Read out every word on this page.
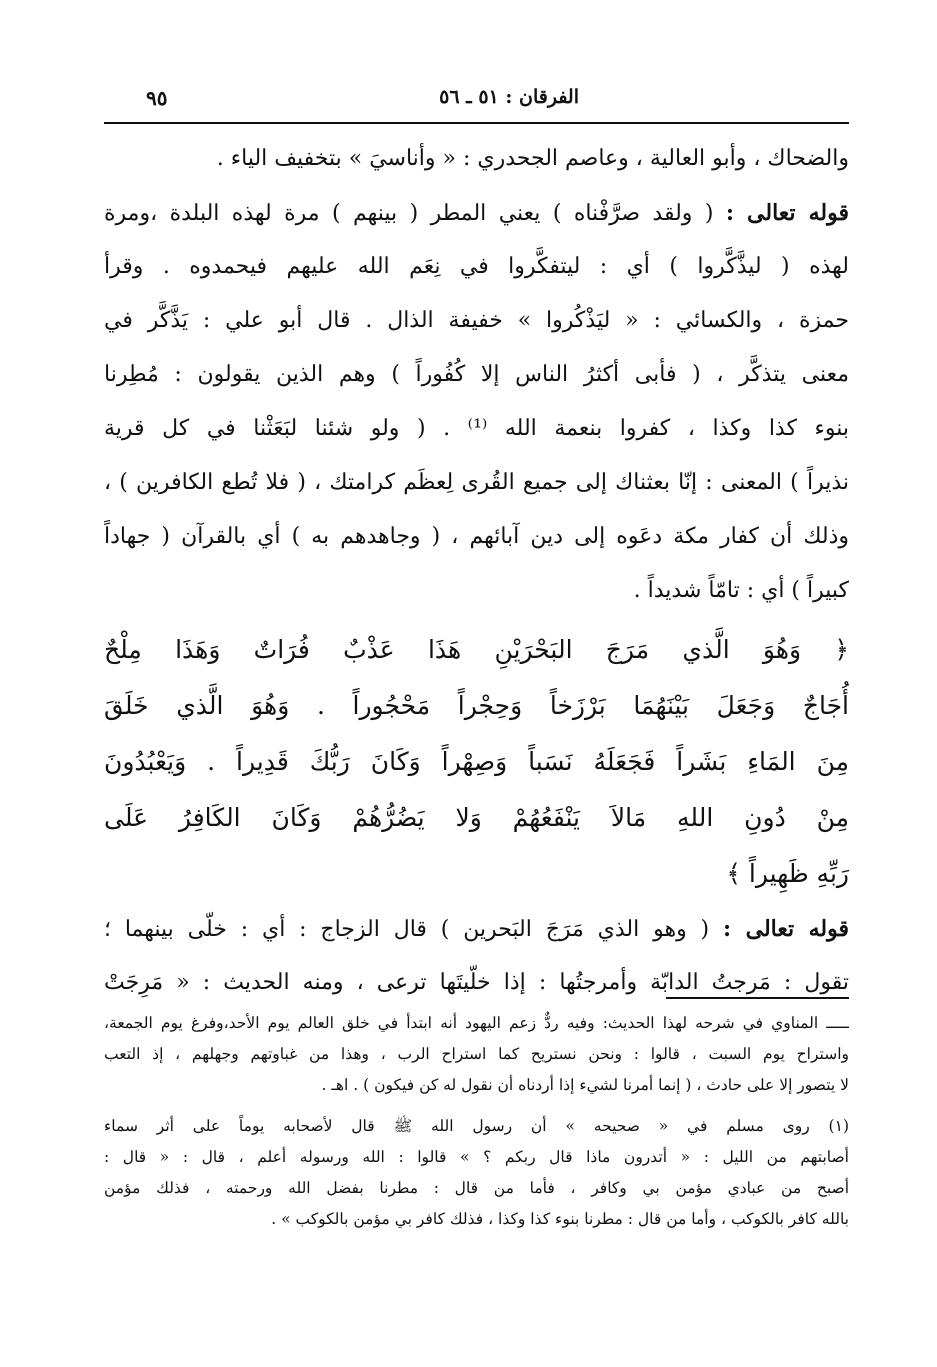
الفرقان : ٥١ ـ ٥٦
٩٥
والضحاك ، وأبو العالية ، وعاصم الجحدري : « وأناسيَ » بتخفيف الياء .
قوله تعالى : ( ولقد صرَّفْناه ) يعني المطر ( بينهم ) مرة لهذه البلدة ،ومرة
لهذه ( ليذَّكَّروا ) أي : ليتفكَّروا في نِعَم الله عليهم فيحمدوه . وقرأ
حمزة ، والكسائي : « ليَذْكُروا » خفيفة الذال . قال أبو علي : يَذَّكَّر في
معنى يتذكَّر ، ( فأبى أكثرُ الناس إلا كُفُوراً ) وهم الذين يقولون : مُطِرنا
بنوء كذا وكذا ، كفروا بنعمة الله ⁽¹⁾ . ( ولو شئنا لبَعَثْنا في كل قرية
نذيراً ) المعنى : إنّا بعثناك إلى جميع القُرى لِعظَم كرامتك ، ( فلا تُطع الكافرين ) ،
وذلك أن كفار مكة دعَوه إلى دين آبائهم ، ( وجاهدهم به ) أي بالقرآن ( جهاداً
كبيراً ) أي : تامّاً شديداً .
﴿ وَهُوَ الَّذي مَرَجَ البَحْرَيْنِ هَذَا عَذْبٌ فُرَاتٌ وَهَذَا مِلْحٌ
أُجَاجٌ وَجَعَلَ بَيْنَهُمَا بَرْزَخاً وَحِجْراً مَحْجُوراً . وَهُوَ الَّذي خَلَقَ
مِنَ المَاءِ بَشَراً فَجَعَلَهُ نَسَباً وَصِهْراً وَكَانَ رَبُّكَ قَدِيراً . وَيَعْبُدُونَ
مِنْ دُونِ اللهِ مَالاَ يَنْفَعُهُمْ وَلا يَضُرُّهُمْ وَكَانَ الكَافِرُ عَلَى
رَبِّهِ ظَهِيراً ﴾
قوله تعالى : ( وهو الذي مَرَجَ البَحرين ) قال الزجاج : أي : خلّى بينهما ؛
تقول : مَرجتُ الدابّة وأمرجتُها : إذا خلّيتَها ترعى ، ومنه الحديث : « مَرِجَتْ
ـــــ المناوي في شرحه لهذا الحديث: وفيه ردٌّ زعم اليهود أنه ابتدأ في خلق العالم يوم الأحد،وفرغ يوم الجمعة،
واستراح يوم السبت ، قالوا : ونحن نستريح كما استراح الرب ، وهذا من غباوتهم وجهلهم ، إذ التعب
لا يتصور إلا على حادث ، ( إنما أمرنا لشيء إذا أردناه أن نقول له كن فيكون ) . اهـ .
(١) روى مسلم في « صحيحه » أن رسول الله ﷺ قال لأصحابه يوماً على أثر سماء
أصابتهم من الليل : « أتدرون ماذا قال ربكم ؟ » قالوا : الله ورسوله أعلم ، قال : « قال :
أصبح من عبادي مؤمن بي وكافر ، فأما من قال : مطرنا بفضل الله ورحمته ، فذلك مؤمن
بالله كافر بالكوكب ، وأما من قال : مطرنا بنوء كذا وكذا ، فذلك كافر بي مؤمن بالكوكب » .
